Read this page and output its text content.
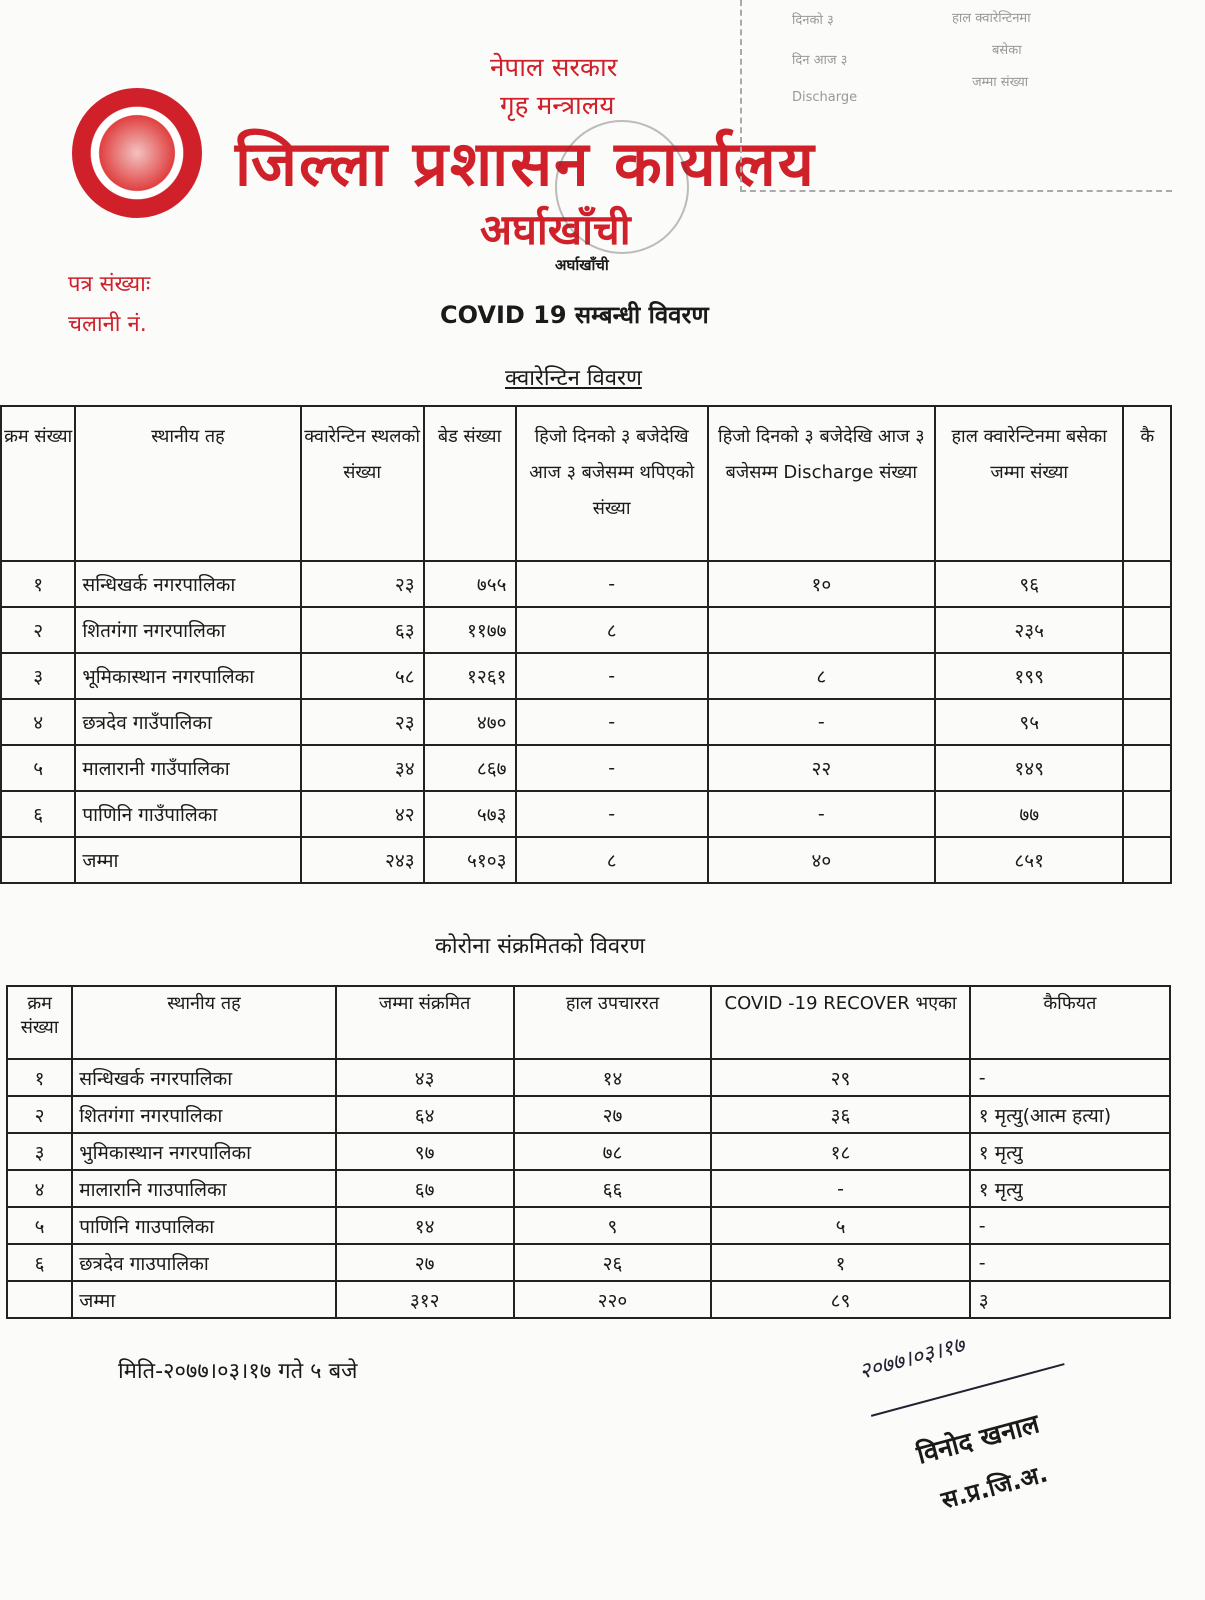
नेपाल सरकार
गृह मन्त्रालय
जिल्ला प्रशासन कार्यालय
अर्घाखाँची
अर्घाखाँची
पत्र संख्याः
चलानी नं.	COVID 19 सम्बन्धी विवरण
दिनको ३
दिन आज ३
Discharge
हाल क्वारेन्टिनमा
बसेका
जम्मा संख्या
क्वारेन्टिन विवरण
क्रम संख्या	स्थानीय तह	क्वारेन्टिन स्थलको संख्या	बेड संख्या	हिजो दिनको ३ बजेदेखि आज ३ बजेसम्म थपिएको संख्या	हिजो दिनको ३ बजेदेखि आज ३ बजेसम्म Discharge संख्या	हाल क्वारेन्टिनमा बसेका जम्मा संख्या	कै
१	सन्धिखर्क नगरपालिका	२३	७५५	-	१०	९६	
२	शितगंगा नगरपालिका	६३	११७७	८		२३५	
३	भूमिकास्थान नगरपालिका	५८	१२६१	-	८	१९९	
४	छत्रदेव गाउँपालिका	२३	४७०	-	-	९५	
५	मालारानी गाउँपालिका	३४	८६७	-	२२	१४९	
६	पाणिनि गाउँपालिका	४२	५७३	-	-	७७	
	जम्मा	२४३	५१०३	८	४०	८५१	
कोरोना संक्रमितको विवरण
क्रम संख्या	स्थानीय तह	जम्मा संक्रमित	हाल उपचाररत	COVID -19 RECOVER भएका	कैफियत
१	सन्धिखर्क नगरपालिका	४३	१४	२९	-
२	शितगंगा नगरपालिका	६४	२७	३६	१ मृत्यु(आत्म हत्या)
३	भुमिकास्थान नगरपालिका	९७	७८	१८	१ मृत्यु
४	मालारानि गाउपालिका	६७	६६	-	१ मृत्यु
५	पाणिनि गाउपालिका	१४	९	५	-
६	छत्रदेव गाउपालिका	२७	२६	१	-
	जम्मा	३१२	२२०	८९	३
मिति-२०७७।०३।१७ गते ५ बजे	२०७७।०३।१७
विनोद खनाल
स.प्र.जि.अ.
